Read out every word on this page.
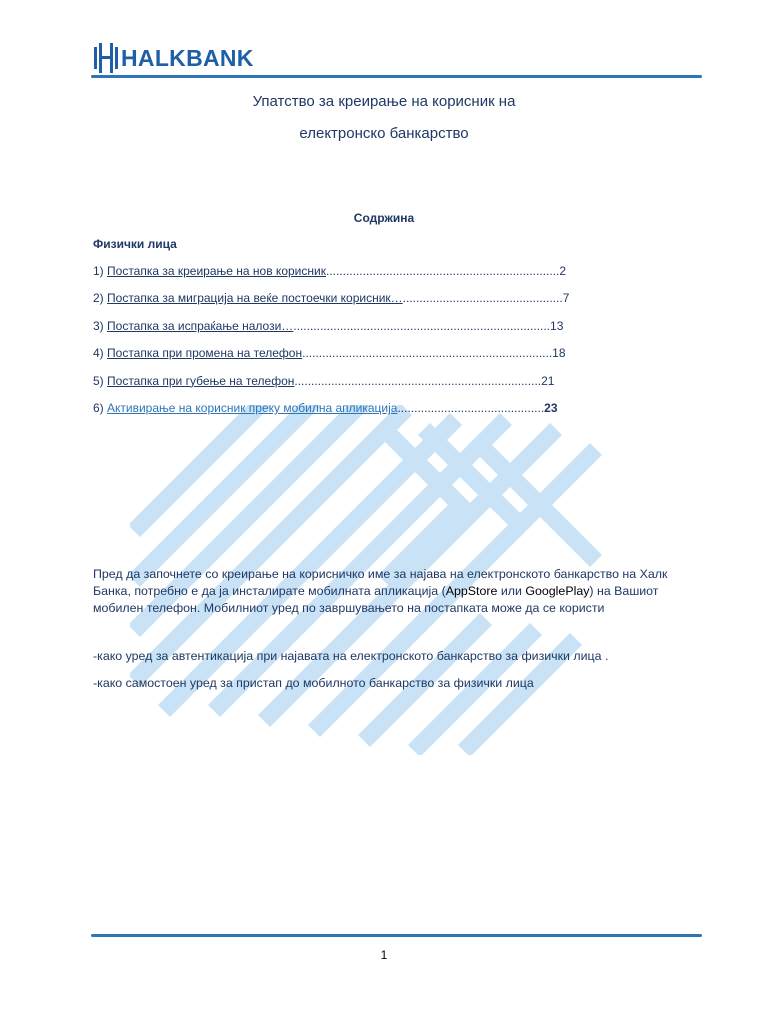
HALKBANK
Упатство за креирање на корисник на
електронско банкарство
Содржина
Физички лица
1) Постапка за креирање на нов корисник......................................................................2
2) Постапка за миграција на веќе постоечки корисник…................................................7
3) Постапка за испраќање налози….............................................................................13
4) Постапка при промена на телефон...........................................................................18
5) Постапка при губење на телефон..........................................................................21
6) Активирање на корисник преку мобилна апликација............................................23
Пред да започнете со креирање на корисничко име за најава на електронското банкарство на Халк Банка, потребно е да ја инсталирате мобилната апликација (AppStore или GooglePlay) на Вашиот мобилен телефон. Мобилниот уред по завршувањето на постапката може да се користи
-како уред за автентикација при најавата на електронското банкарство за физички лица .
-како самостоен уред за пристап до мобилното банкарство за физички лица
1
